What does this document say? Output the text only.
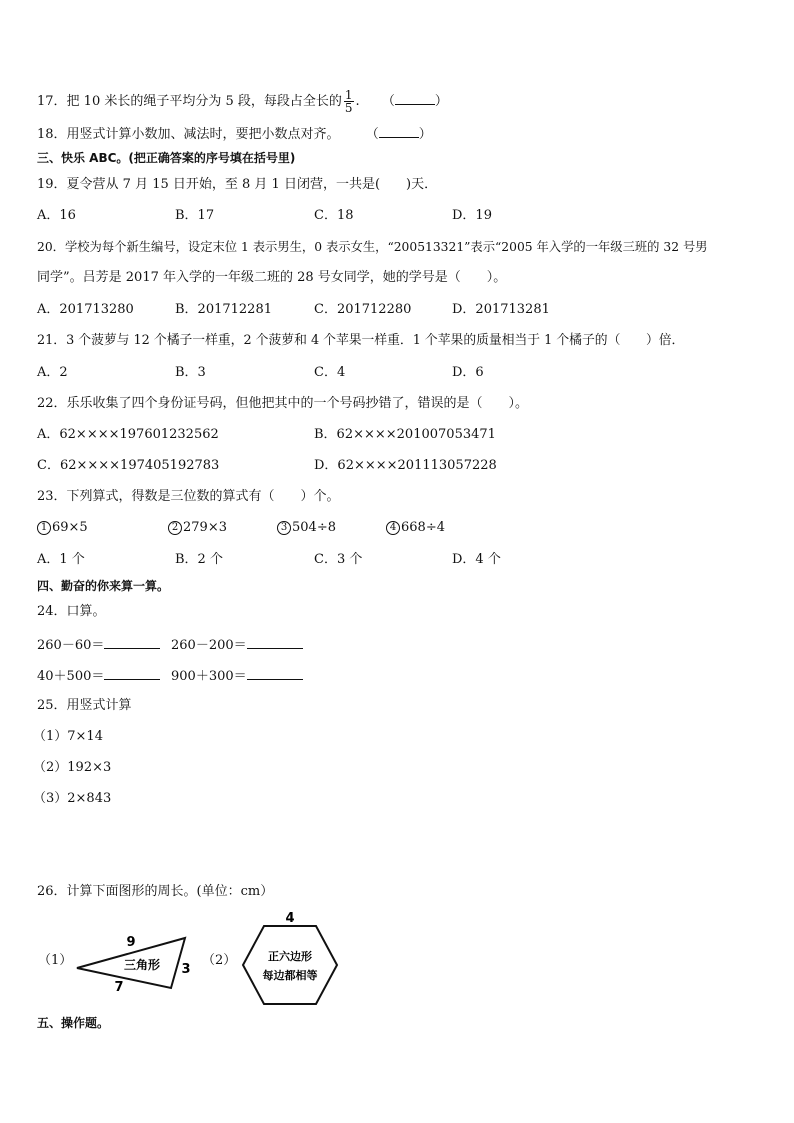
17．把 10 米长的绳子平均分为 5 段，每段占全长的 $\frac{1}{5}$ . （	）
18．用竖式计算小数加、减法时，要把小数点对齐。 （	）
三、快乐 ABC。(把正确答案的序号填在括号里)
19．夏令营从 7 月 15 日开始，至 8 月 1 日闭营，一共是(　　)天．
A．16	B．17	C．18	D．19
20．学校为每个新生编号，设定末位 1 表示男生，0 表示女生，“200513321”表示“2005 年入学的一年级三班的 32 号男
同学”。吕芳是 2017 年入学的一年级二班的 28 号女同学，她的学号是（　　）。
A．201713280	B．201712281	C．201712280	D．201713281
21．3 个菠萝与 12 个橘子一样重，2 个菠萝和 4 个苹果一样重．1 个苹果的质量相当于 1 个橘子的（　　）倍．
A．2	B．3	C．4	D．6
22．乐乐收集了四个身份证号码，但他把其中的一个号码抄错了，错误的是（　　）。
A．62××××197601232562	B．62××××201007053471
C．62××××197405192783	D．62××××201113057228
23．下列算式，得数是三位数的算式有（　　）个。
1 69×5	2 279×3	3 504÷8	4 668÷4
A．1 个	B．2 个	C．3 个	D．4 个
四、勤奋的你来算一算。
24．口算。
260－60＝	260－200＝
40＋500＝	900＋300＝
25．用竖式计算
（1）7×14
（2）192×3
（3）2×843
26．计算下面图形的周长。(单位：cm）
（1）	（2）
9
3
7
三角形
4
正六边形
每边都相等
五、操作题。
